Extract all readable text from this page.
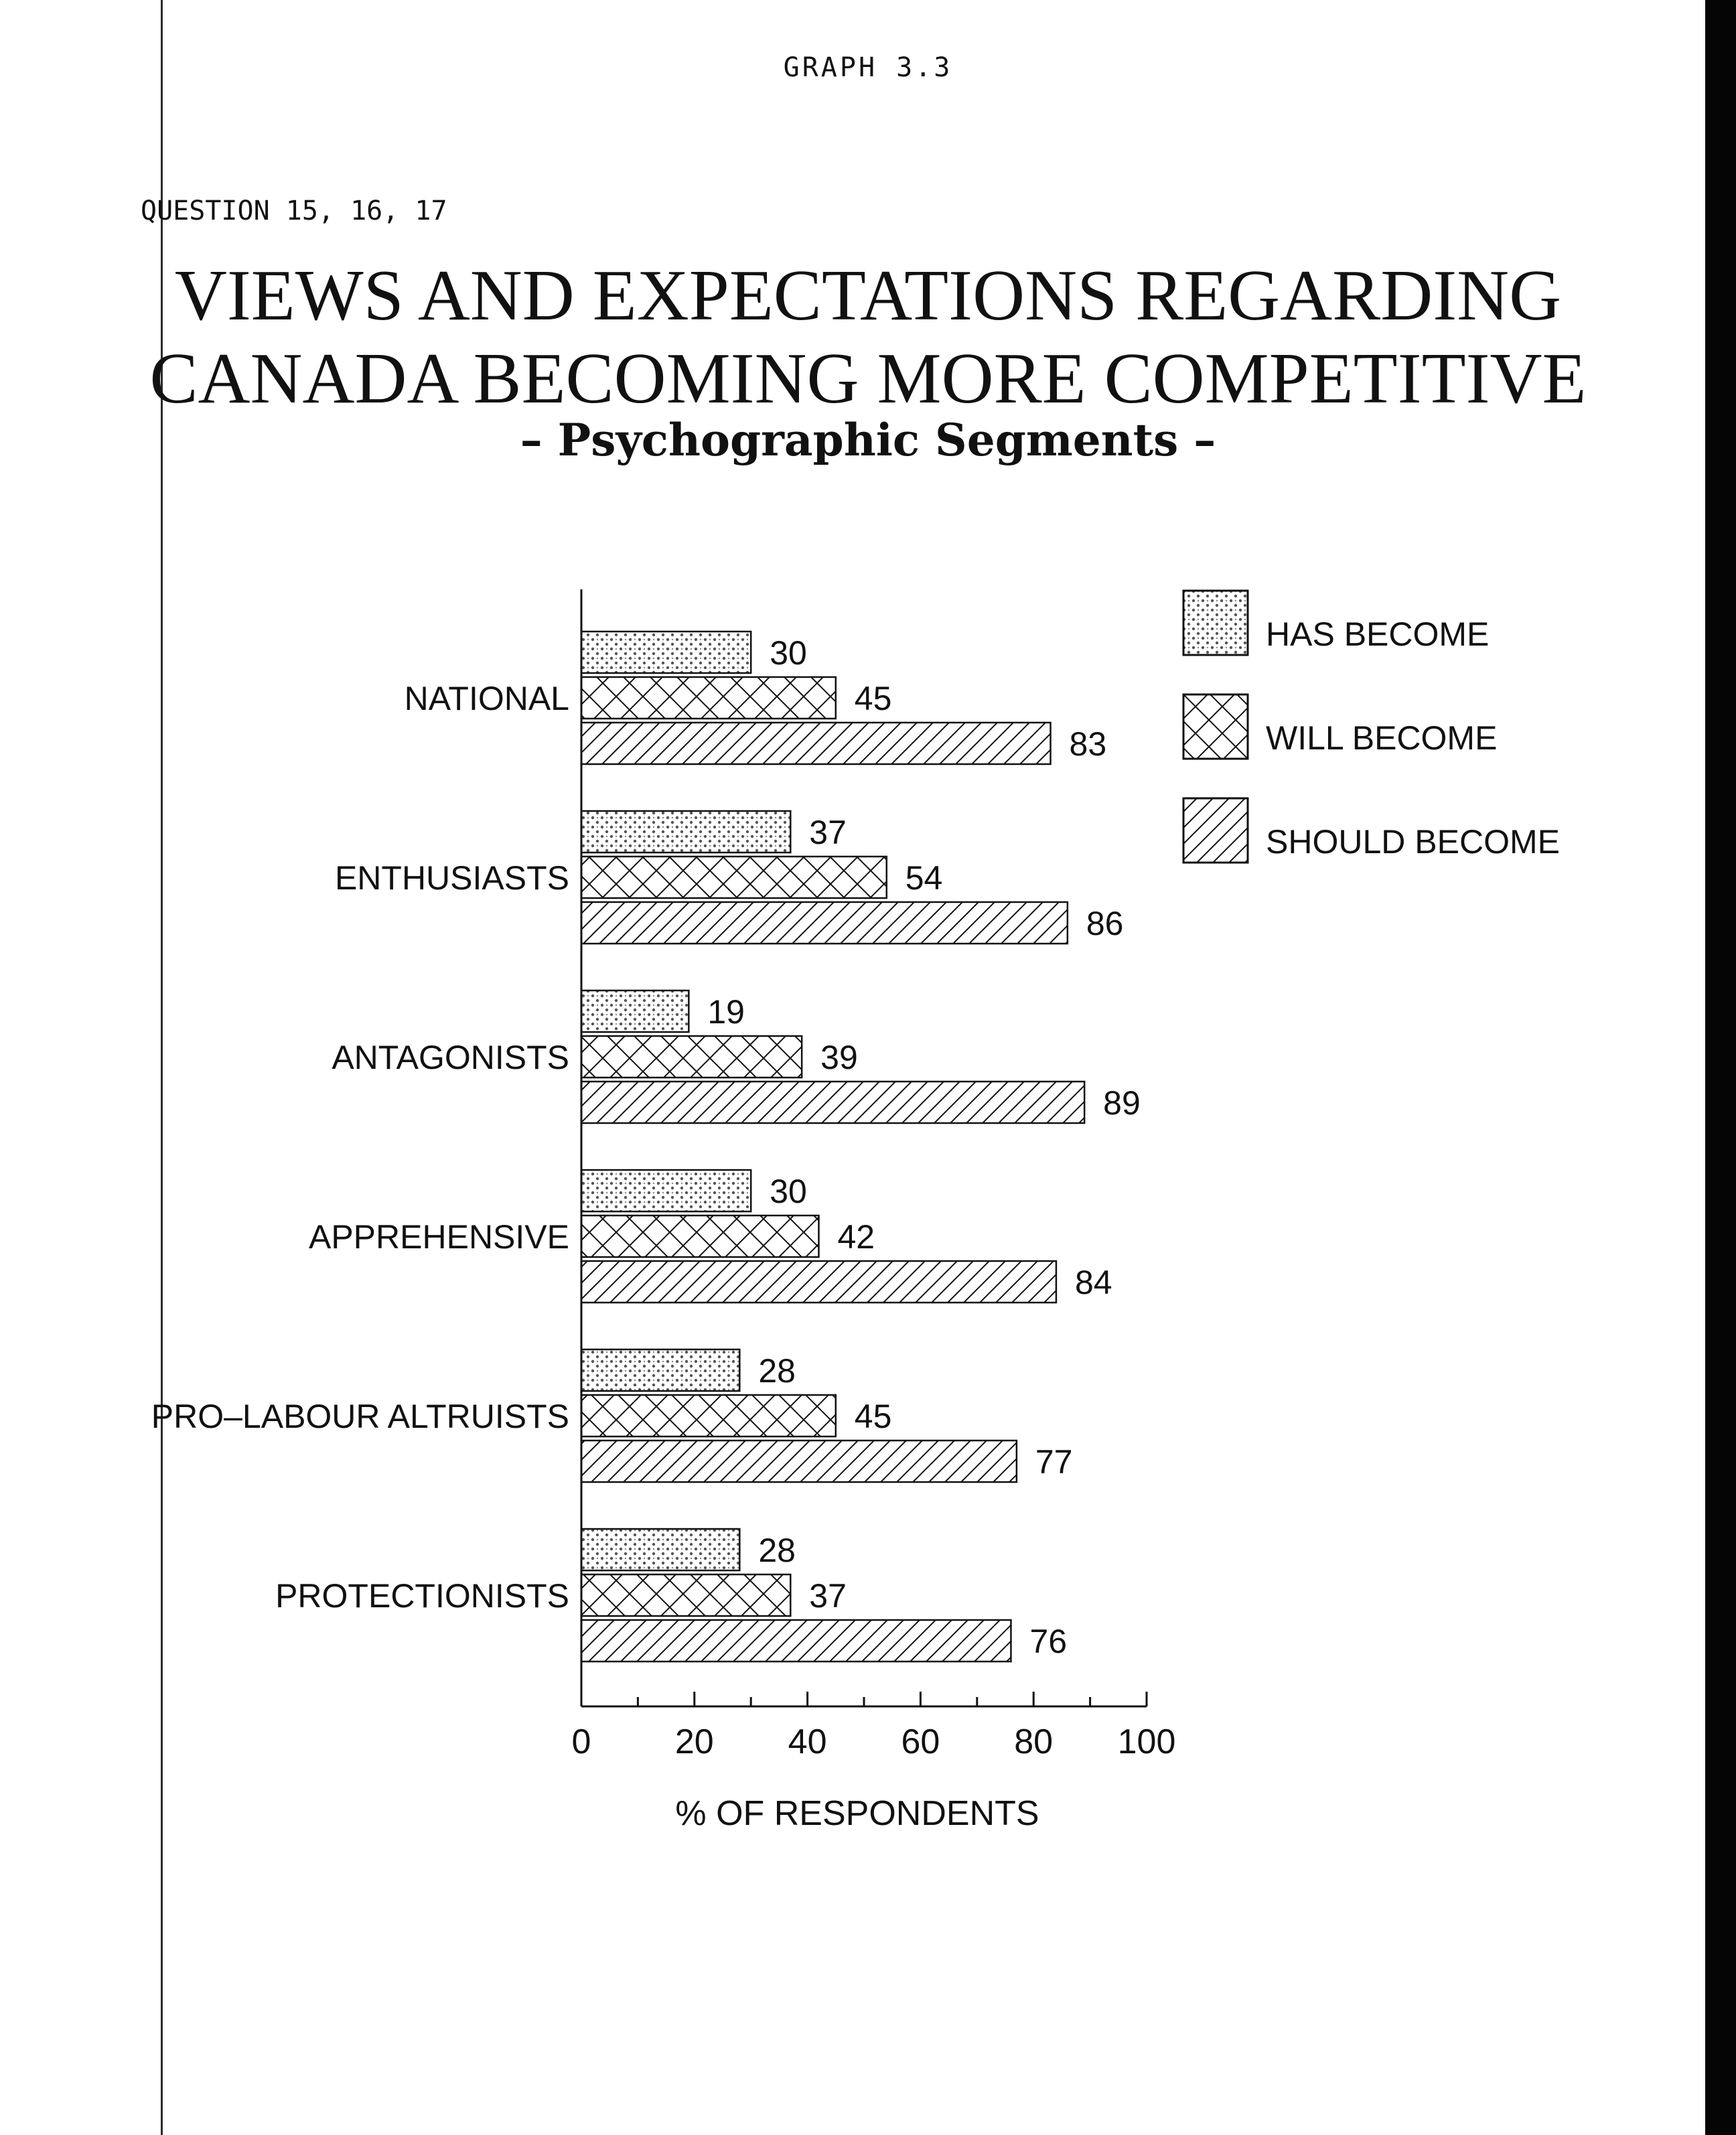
GRAPH 3.3
QUESTION 15, 16, 17
VIEWS AND EXPECTATIONS REGARDING
CANADA BECOMING MORE COMPETITIVE
– Psychographic Segments –
NATIONAL
30
45
83
ENTHUSIASTS
37
54
86
ANTAGONISTS
19
39
89
APPREHENSIVE
30
42
84
PRO–LABOUR ALTRUISTS
28
45
77
PROTECTIONISTS
28
37
76
0 20 40 60 80 100
% OF RESPONDENTS
HAS BECOME
WILL BECOME
SHOULD BECOME
